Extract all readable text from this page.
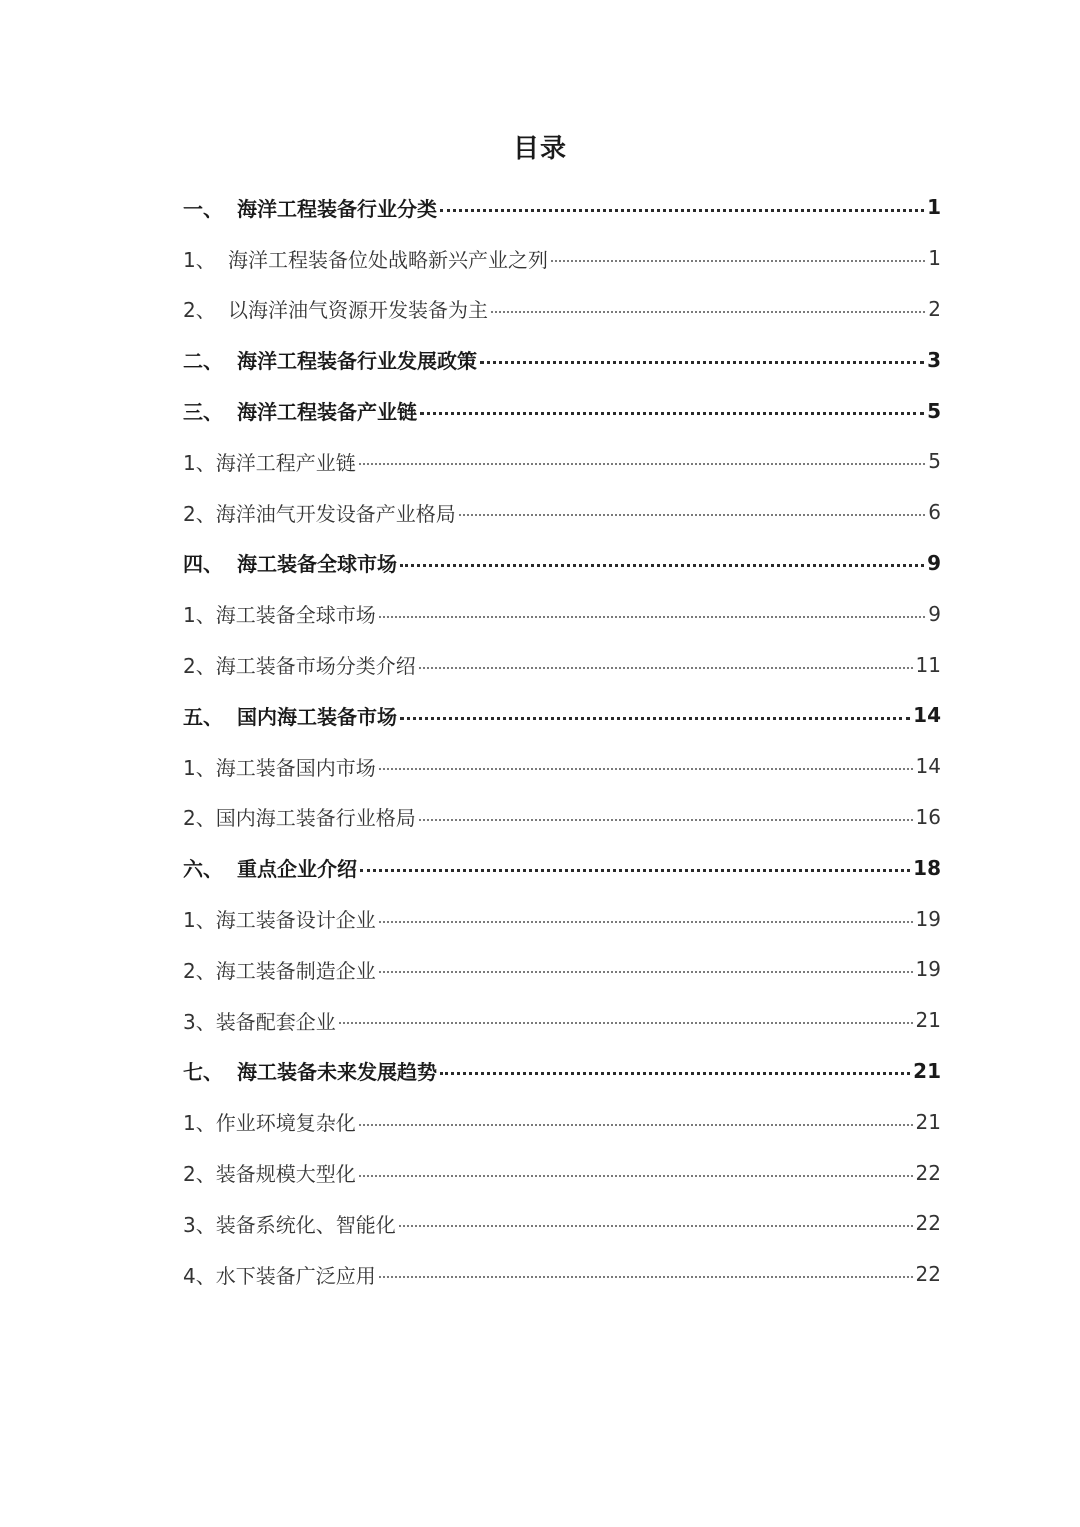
目录
一、 海洋工程装备行业分类	1
1、 海洋工程装备位处战略新兴产业之列	1
2、 以海洋油气资源开发装备为主	2
二、 海洋工程装备行业发展政策	3
三、 海洋工程装备产业链	5
1、 海洋工程产业链	5
2、 海洋油气开发设备产业格局	6
四、 海工装备全球市场	9
1、 海工装备全球市场	9
2、 海工装备市场分类介绍	11
五、 国内海工装备市场	14
1、 海工装备国内市场	14
2、 国内海工装备行业格局	16
六、 重点企业介绍	18
1、 海工装备设计企业	19
2、 海工装备制造企业	19
3、 装备配套企业	21
七、 海工装备未来发展趋势	21
1、 作业环境复杂化	21
2、 装备规模大型化	22
3、 装备系统化、智能化	22
4、 水下装备广泛应用	22
